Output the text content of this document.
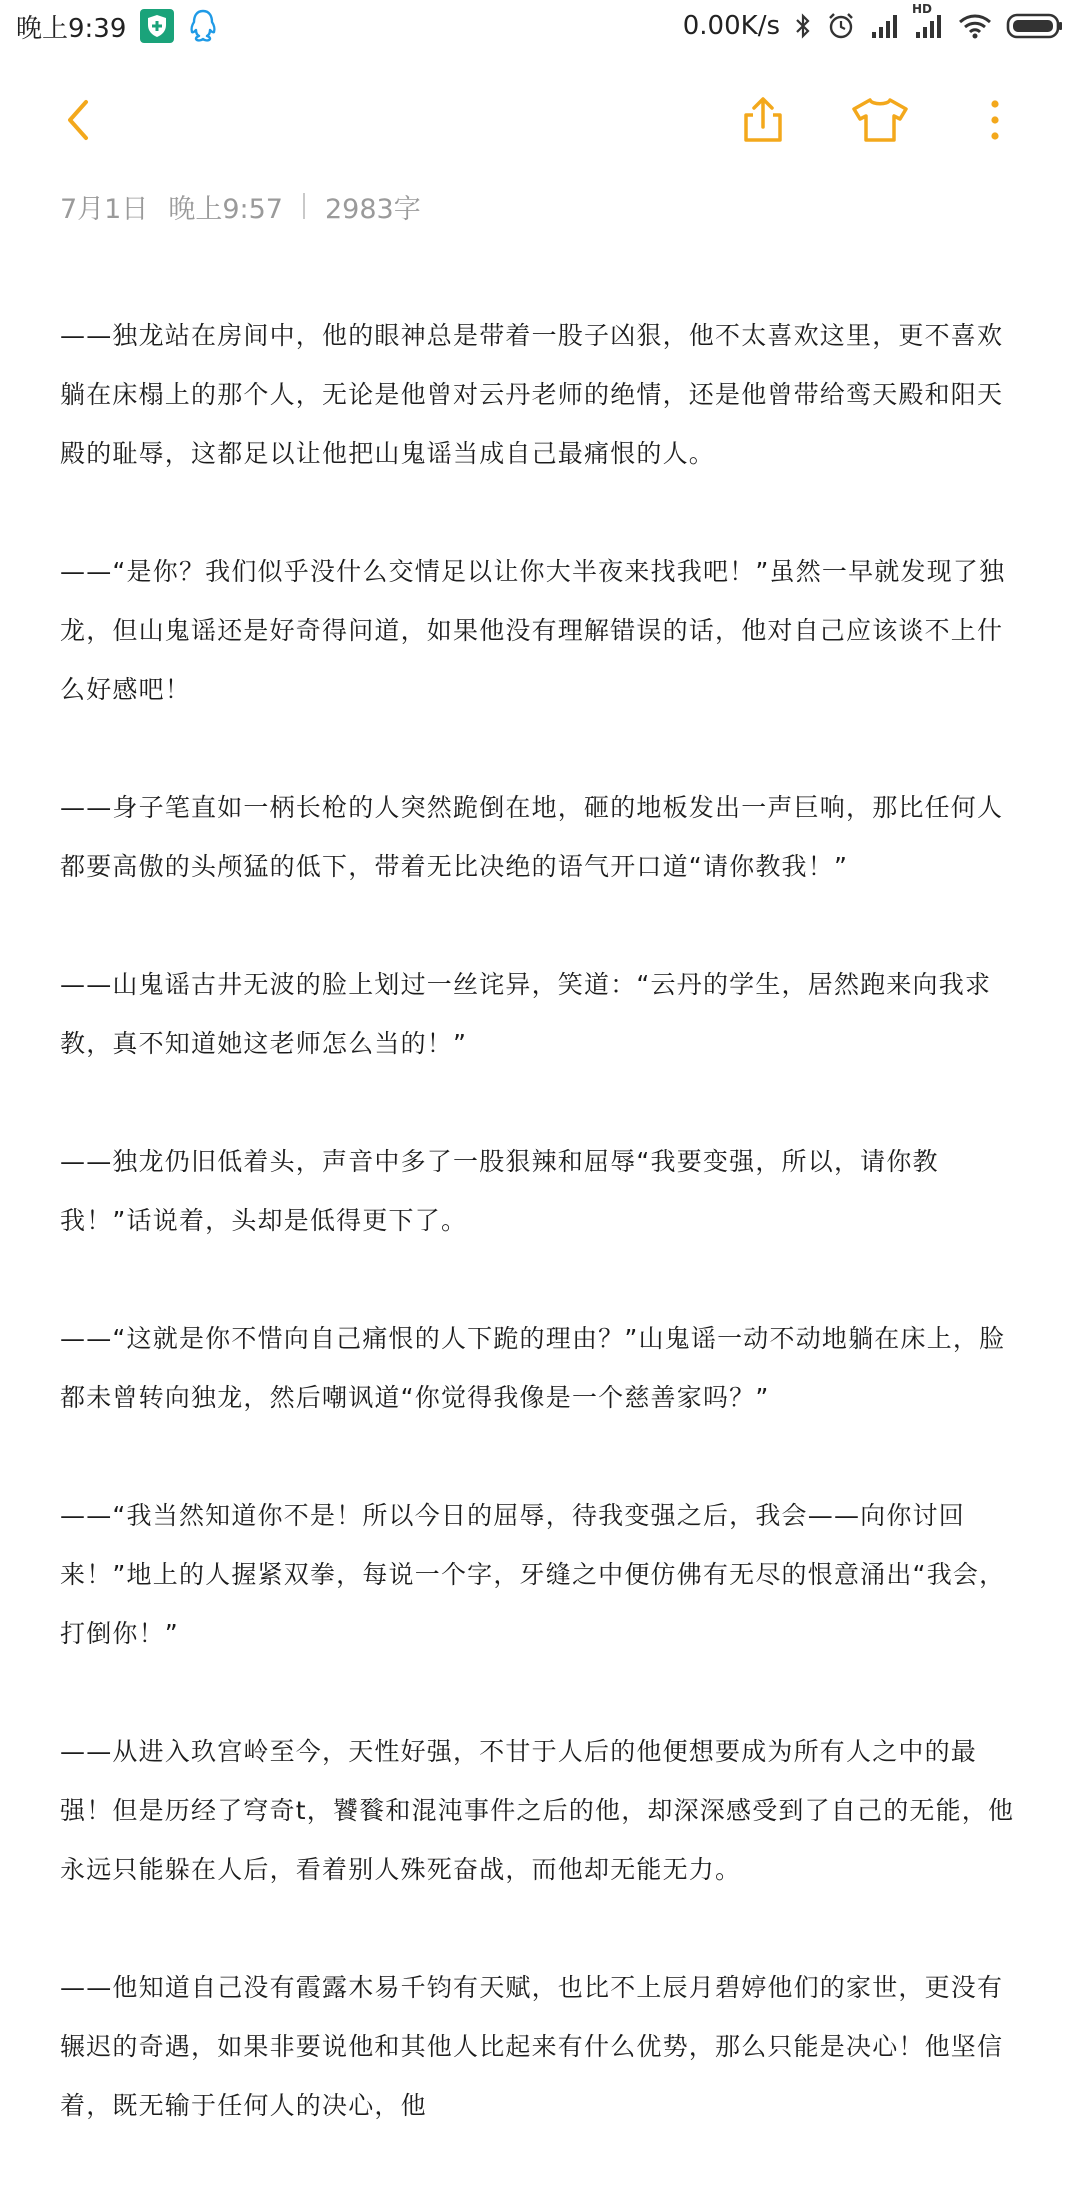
晚上9:39	0.00K/s
HD
7月1日 晚上9:57 2983字

——独龙站在房间中，他的眼神总是带着一股子凶狠，他不太喜欢这里，更不喜欢躺在床榻上的那个人，无论是他曾对云丹老师的绝情，还是他曾带给鸾天殿和阳天殿的耻辱，这都足以让他把山鬼谣当成自己最痛恨的人。

——“是你？我们似乎没什么交情足以让你大半夜来找我吧！”虽然一早就发现了独龙，但山鬼谣还是好奇得问道，如果他没有理解错误的话，他对自己应该谈不上什么好感吧！

——身子笔直如一柄长枪的人突然跪倒在地，砸的地板发出一声巨响，那比任何人都要高傲的头颅猛的低下，带着无比决绝的语气开口道“请你教我！”

——山鬼谣古井无波的脸上划过一丝诧异，笑道：“云丹的学生，居然跑来向我求教，真不知道她这老师怎么当的！”

——独龙仍旧低着头，声音中多了一股狠辣和屈辱“我要变强，所以，请你教我！”话说着，头却是低得更下了。

——“这就是你不惜向自己痛恨的人下跪的理由？”山鬼谣一动不动地躺在床上，脸都未曾转向独龙，然后嘲讽道“你觉得我像是一个慈善家吗？”

——“我当然知道你不是！所以今日的屈辱，待我变强之后，我会——向你讨回来！”地上的人握紧双拳，每说一个字，牙缝之中便仿佛有无尽的恨意涌出“我会，打倒你！”

——从进入玖宫岭至今，天性好强，不甘于人后的他便想要成为所有人之中的最强！但是历经了穹奇t，饕餮和混沌事件之后的他，却深深感受到了自己的无能，他永远只能躲在人后，看着别人殊死奋战，而他却无能无力。

——他知道自己没有霞露木易千钧有天赋，也比不上辰月碧婷他们的家世，更没有辗迟的奇遇，如果非要说他和其他人比起来有什么优势，那么只能是决心！他坚信着，既无输于任何人的决心，他
